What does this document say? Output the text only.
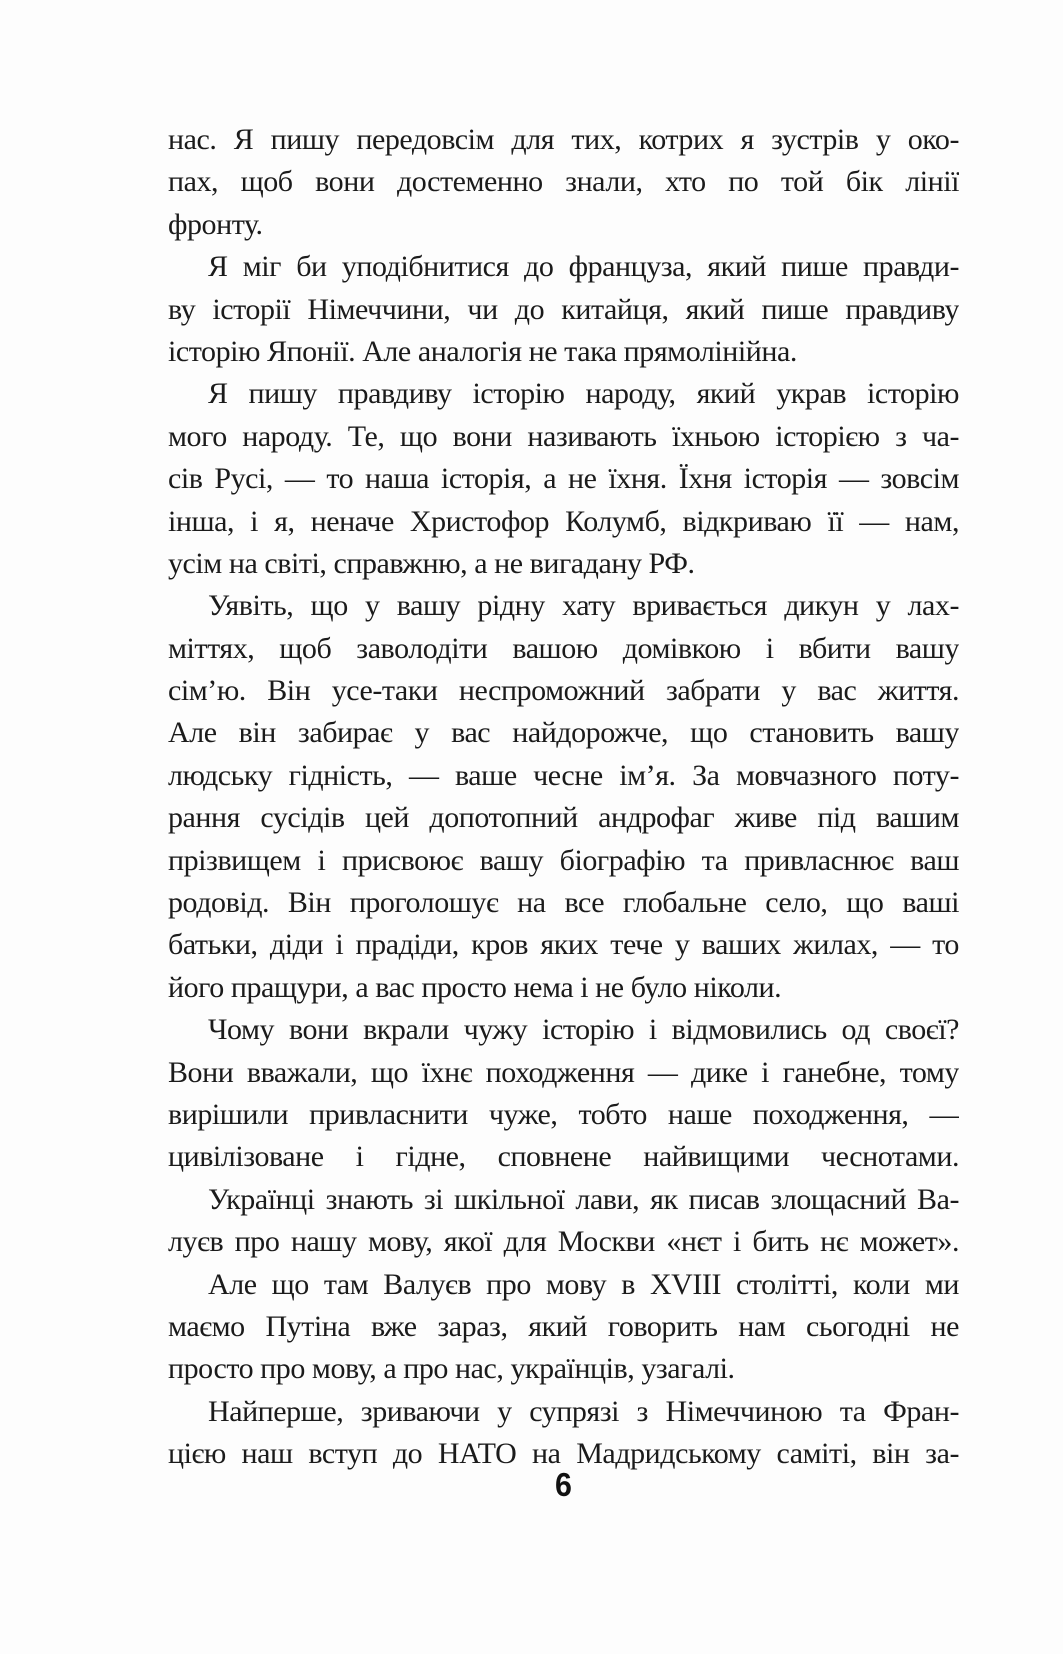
нас. Я пишу передовсім для тих, котрих я зустрів у око-
пах, щоб вони достеменно знали, хто по той бік лінії
фронту.
Я міг би уподібнитися до француза, який пише правди-
ву історії Німеччини, чи до китайця, який пише правдиву
історію Японії. Але аналогія не така прямолінійна.
Я пишу правдиву історію народу, який украв історію
мого народу. Те, що вони називають їхньою історією з ча-
сів Русі, — то наша історія, а не їхня. Їхня історія — зовсім
інша, і я, неначе Христофор Колумб, відкриваю її — нам,
усім на світі, справжню, а не вигадану РФ.
Уявіть, що у вашу рідну хату вривається дикун у лах-
міттях, щоб заволодіти вашою домівкою і вбити вашу
сім’ю. Він усе-таки неспроможний забрати у вас життя.
Але він забирає у вас найдорожче, що становить вашу
людську гідність, — ваше чесне ім’я. За мовчазного поту-
рання сусідів цей допотопний андрофаг живе під вашим
прізвищем і присвоює вашу біографію та привласнює ваш
родовід. Він проголошує на все глобальне село, що ваші
батьки, діди і прадіди, кров яких тече у ваших жилах, — то
його пращури, а вас просто нема і не було ніколи.
Чому вони вкрали чужу історію і відмовились од своєї?
Вони вважали, що їхнє походження — дике і ганебне, тому
вирішили привласнити чуже, тобто наше походження, —
цивілізоване і гідне, сповнене найвищими чеснотами.
Українці знають зі шкільної лави, як писав злощасний Ва-
луєв про нашу мову, якої для Москви «нєт і бить нє может».
Але що там Валуєв про мову в XVIII столітті, коли ми
маємо Путіна вже зараз, який говорить нам сьогодні не
просто про мову, а про нас, українців, узагалі.
Найперше, зриваючи у супрязі з Німеччиною та Фран-
цією наш вступ до НАТО на Мадридському саміті, він за-
6
